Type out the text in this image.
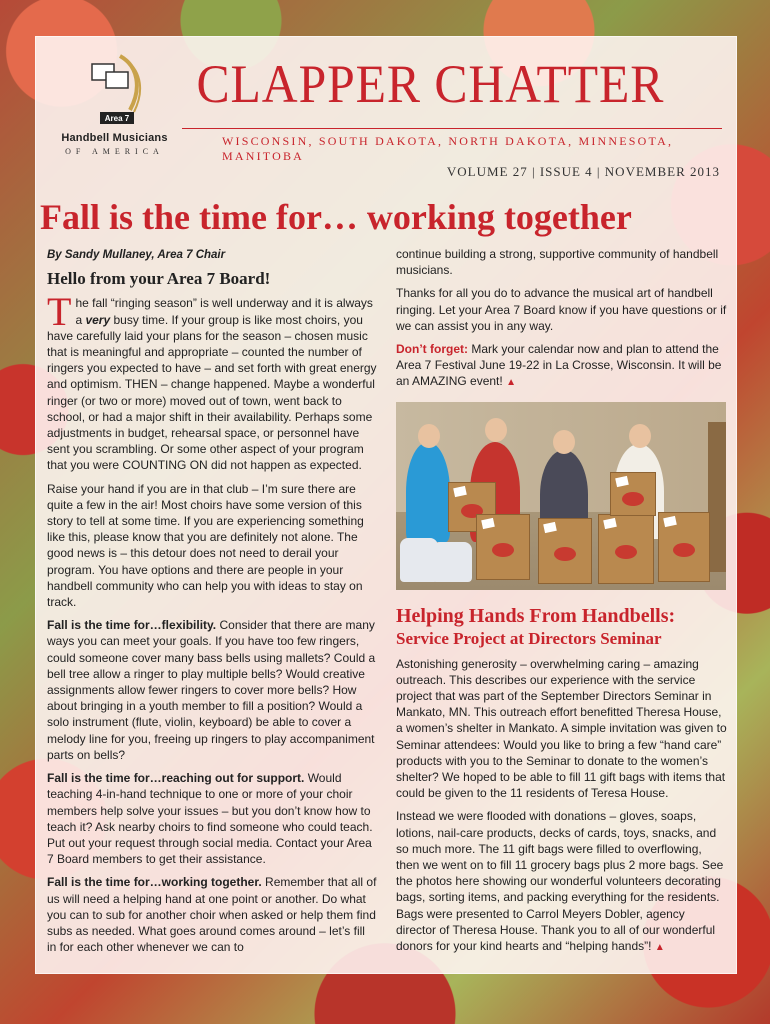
Area 7
Handbell Musicians
OF AMERICA
CLAPPER CHATTER
WISCONSIN, SOUTH DAKOTA, NORTH DAKOTA, MINNESOTA, MANITOBA
VOLUME 27 | ISSUE 4 | NOVEMBER 2013
Fall is the time for… working together
By Sandy Mullaney, Area 7 Chair
Hello from your Area 7 Board!

The fall “ringing season” is well underway and it is always a very busy time. If your group is like most choirs, you have carefully laid your plans for the season – chosen music that is meaningful and appropriate – counted the number of ringers you expected to have – and set forth with great energy and optimism. THEN – change happened. Maybe a wonderful ringer (or two or more) moved out of town, went back to school, or had a major shift in their availability. Perhaps some adjustments in budget, rehearsal space, or personnel have sent you scrambling. Or some other aspect of your program that you were COUNTING ON did not happen as expected.

Raise your hand if you are in that club – I’m sure there are quite a few in the air! Most choirs have some version of this story to tell at some time. If you are experiencing something like this, please know that you are definitely not alone. The good news is – this detour does not need to derail your program. You have options and there are people in your handbell community who can help you with ideas to stay on track.

Fall is the time for…flexibility. Consider that there are many ways you can meet your goals. If you have too few ringers, could someone cover many bass bells using mallets? Could a bell tree allow a ringer to play multiple bells? Would creative assignments allow fewer ringers to cover more bells? How about bringing in a youth member to fill a position? Would a solo instrument (flute, violin, keyboard) be able to cover a melody line for you, freeing up ringers to play accompaniment parts on bells?

Fall is the time for…reaching out for support. Would teaching 4-in-hand technique to one or more of your choir members help solve your issues – but you don’t know how to teach it? Ask nearby choirs to find someone who could teach. Put out your request through social media. Contact your Area 7 Board members to get their assistance.

Fall is the time for…working together. Remember that all of us will need a helping hand at one point or another. Do what you can to sub for another choir when asked or help them find subs as needed. What goes around comes around – let’s fill in for each other whenever we can to

continue building a strong, supportive community of handbell musicians.

Thanks for all you do to advance the musical art of handbell ringing. Let your Area 7 Board know if you have questions or if we can assist you in any way.

Don’t forget: Mark your calendar now and plan to attend the Area 7 Festival June 19-22 in La Crosse, Wisconsin. It will be an AMAZING event! ▲

Helping Hands From Handbells:
Service Project at Directors Seminar

Astonishing generosity – overwhelming caring – amazing outreach. This describes our experience with the service project that was part of the September Directors Seminar in Mankato, MN. This outreach effort benefitted Theresa House, a women’s shelter in Mankato. A simple invitation was given to Seminar attendees: Would you like to bring a few “hand care” products with you to the Seminar to donate to the women’s shelter? We hoped to be able to fill 11 gift bags with items that could be given to the 11 residents of Teresa House.

Instead we were flooded with donations – gloves, soaps, lotions, nail-care products, decks of cards, toys, snacks, and so much more. The 11 gift bags were filled to overflowing, then we went on to fill 11 grocery bags plus 2 more bags. See the photos here showing our wonderful volunteers decorating bags, sorting items, and packing everything for the residents. Bags were presented to Carrol Meyers Dobler, agency director of Theresa House. Thank you to all of our wonderful donors for your kind hearts and “helping hands”! ▲
